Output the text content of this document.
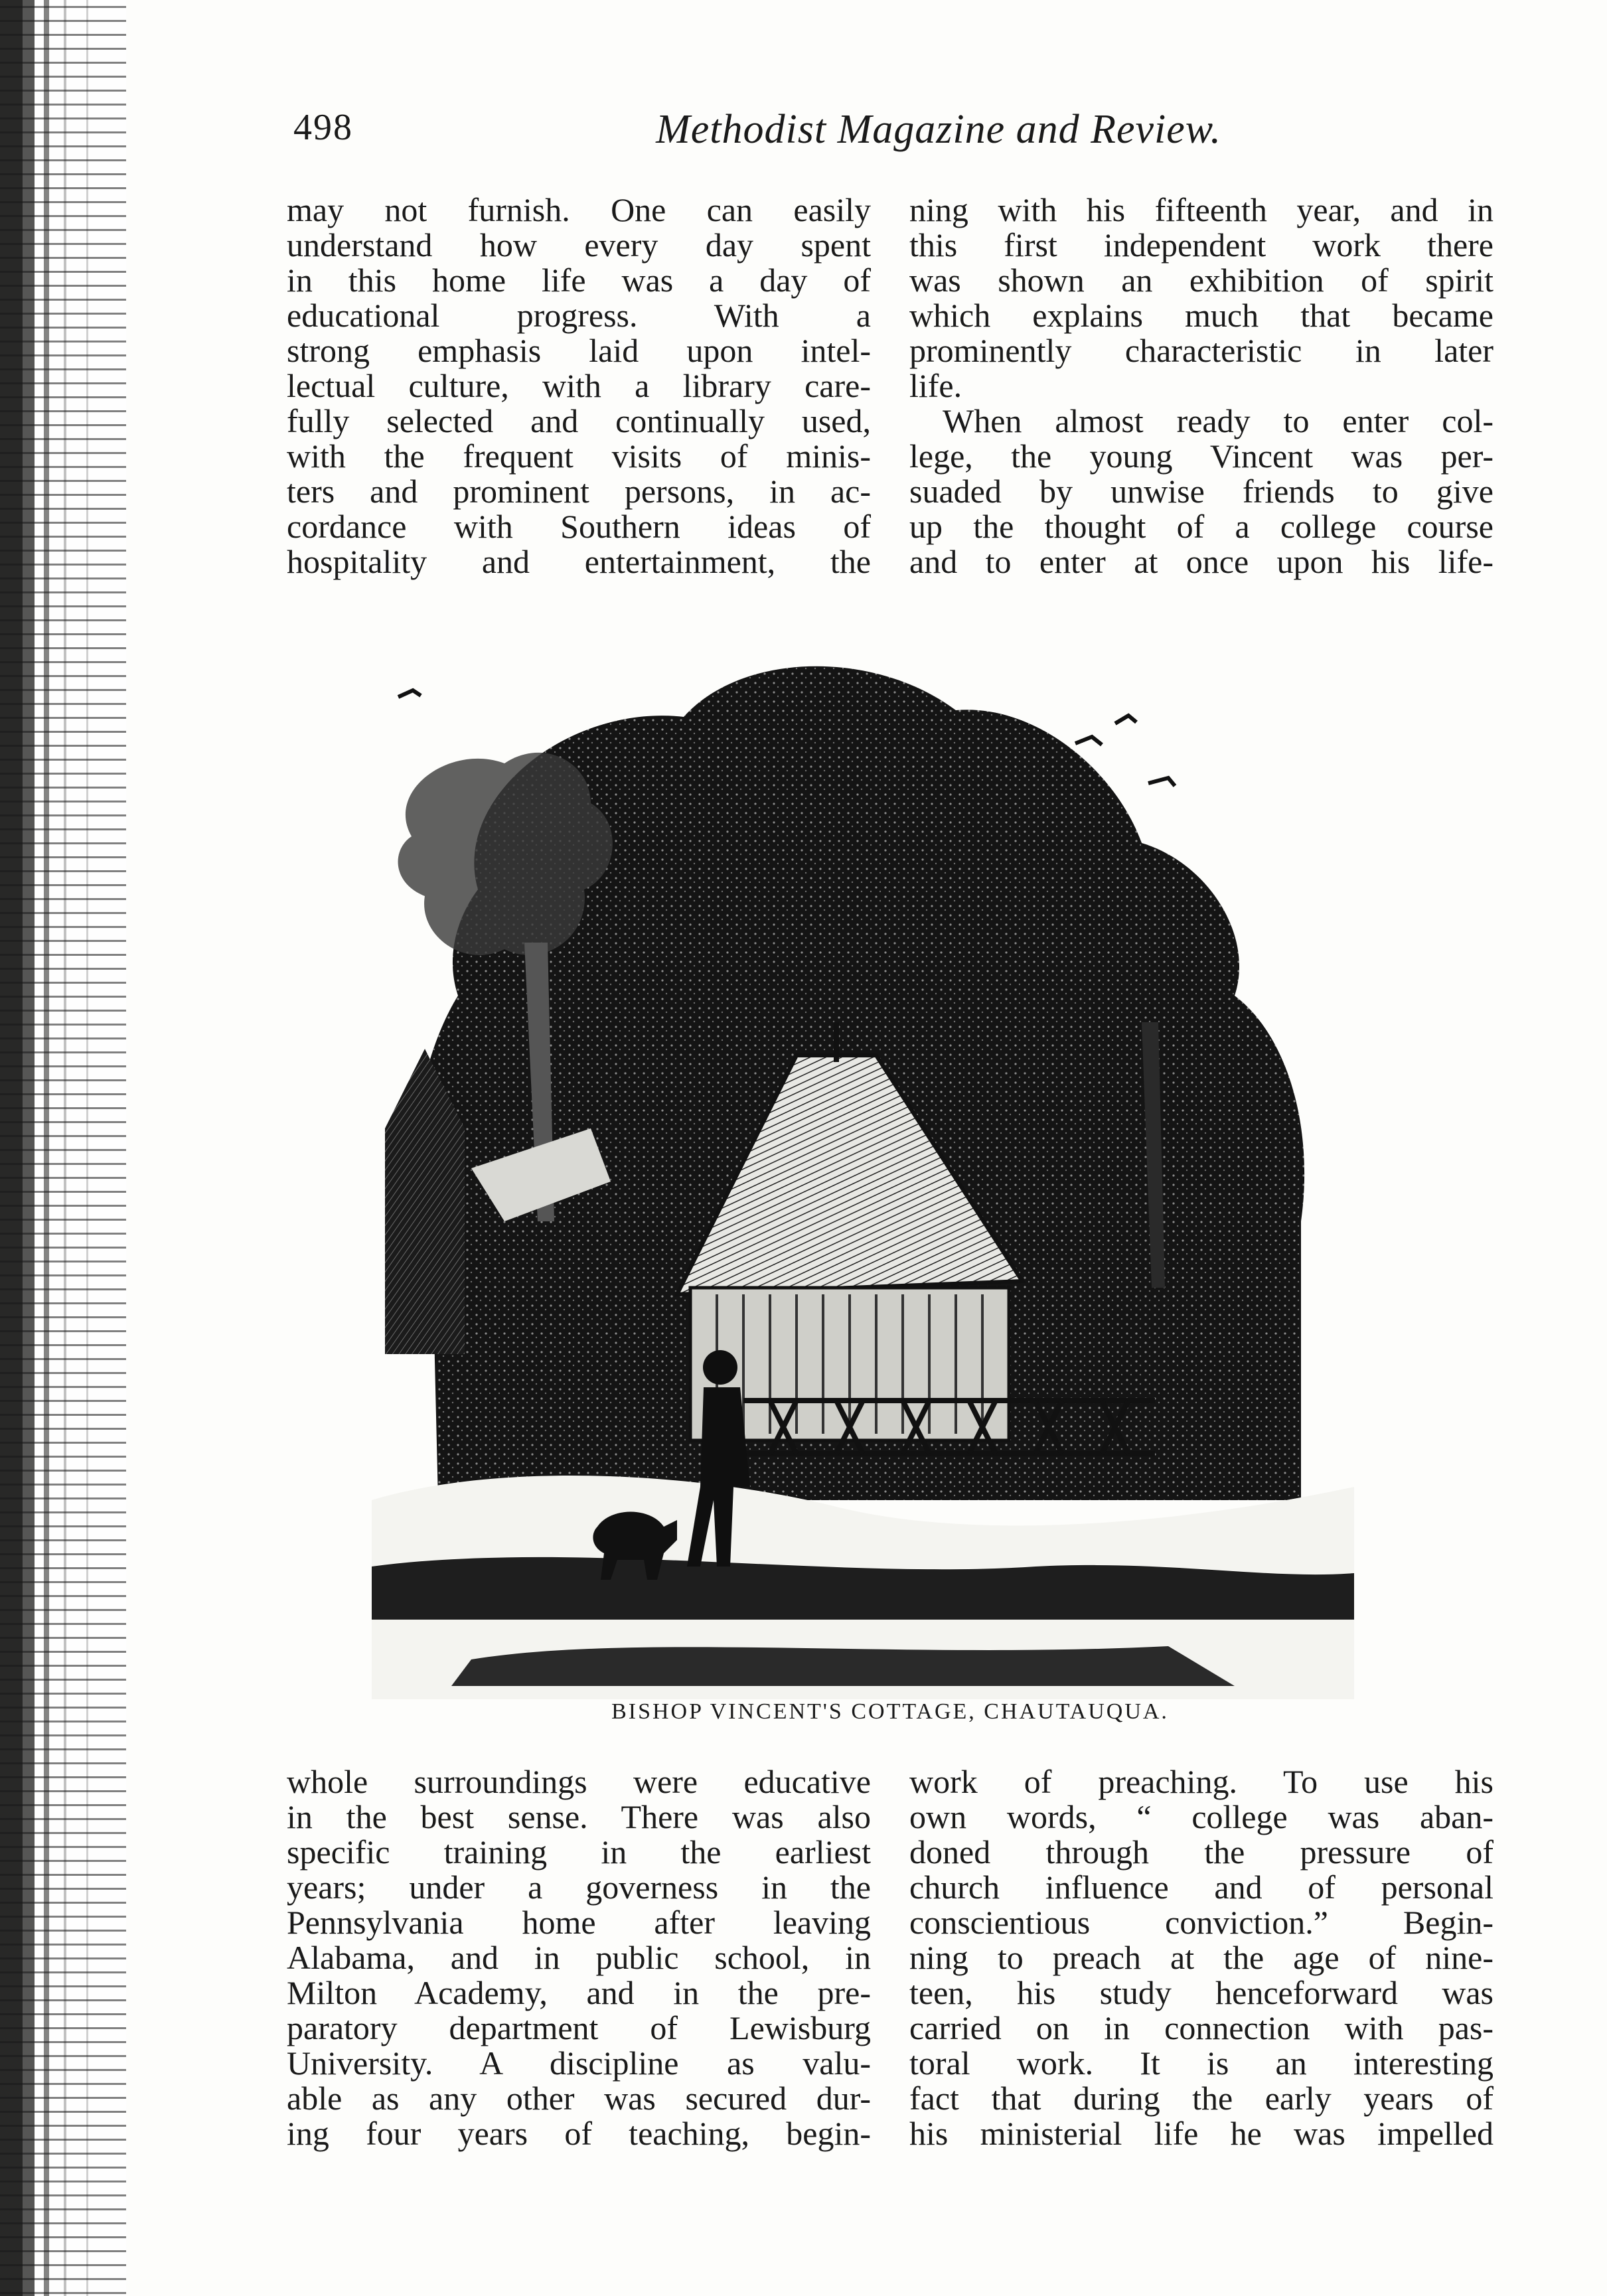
498	Methodist Magazine and Review.
may not furnish. One can easily
understand how every day spent
in this home life was a day of
educational progress. With a
strong emphasis laid upon intel-
lectual culture, with a library care-
fully selected and continually used,
with the frequent visits of minis-
ters and prominent persons, in ac-
cordance with Southern ideas of
hospitality and entertainment, the
ning with his fifteenth year, and in
this first independent work there
was shown an exhibition of spirit
which explains much that became
prominently characteristic in later
life.
When almost ready to enter col-
lege, the young Vincent was per-
suaded by unwise friends to give
up the thought of a college course
and to enter at once upon his life-
BISHOP VINCENT'S COTTAGE, CHAUTAUQUA.
whole surroundings were educative
in the best sense. There was also
specific training in the earliest
years; under a governess in the
Pennsylvania home after leaving
Alabama, and in public school, in
Milton Academy, and in the pre-
paratory department of Lewisburg
University. A discipline as valu-
able as any other was secured dur-
ing four years of teaching, begin-
work of preaching. To use his
own words, “ college was aban-
doned through the pressure of
church influence and of personal
conscientious conviction.” Begin-
ning to preach at the age of nine-
teen, his study henceforward was
carried on in connection with pas-
toral work. It is an interesting
fact that during the early years of
his ministerial life he was impelled
